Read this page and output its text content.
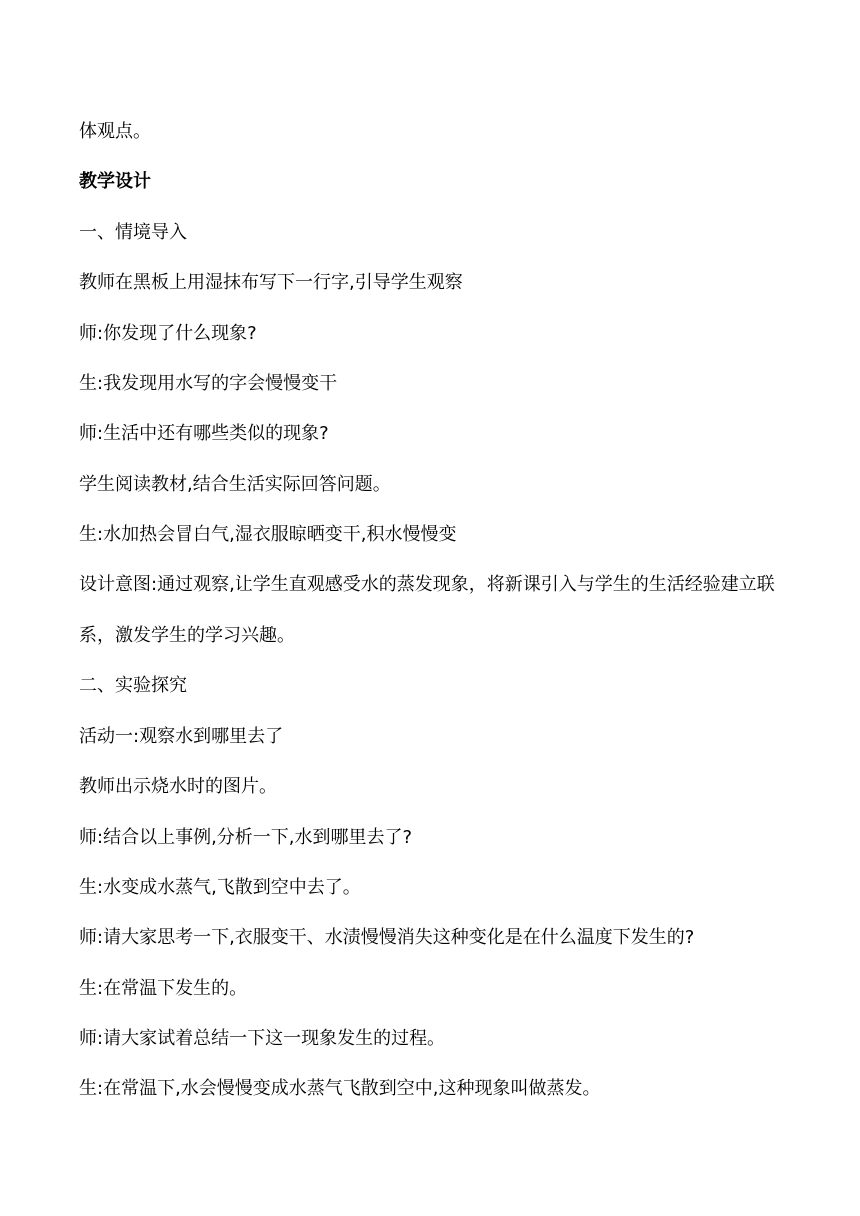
体观点。
教学设计
一、情境导入
教师在黑板上用湿抹布写下一行字,引导学生观察
师:你发现了什么现象?
生:我发现用水写的字会慢慢变干
师:生活中还有哪些类似的现象?
学生阅读教材,结合生活实际回答问题。
生:水加热会冒白气,湿衣服晾晒变干,积水慢慢变
设计意图:通过观察,让学生直观感受水的蒸发现象，将新课引入与学生的生活经验建立联系，激发学生的学习兴趣。
二、实验探究
活动一:观察水到哪里去了
教师出示烧水时的图片。
师:结合以上事例,分析一下,水到哪里去了?
生:水变成水蒸气,飞散到空中去了。
师:请大家思考一下,衣服变干、水渍慢慢消失这种变化是在什么温度下发生的?
生:在常温下发生的。
师:请大家试着总结一下这一现象发生的过程。
生:在常温下,水会慢慢变成水蒸气飞散到空中,这种现象叫做蒸发。
